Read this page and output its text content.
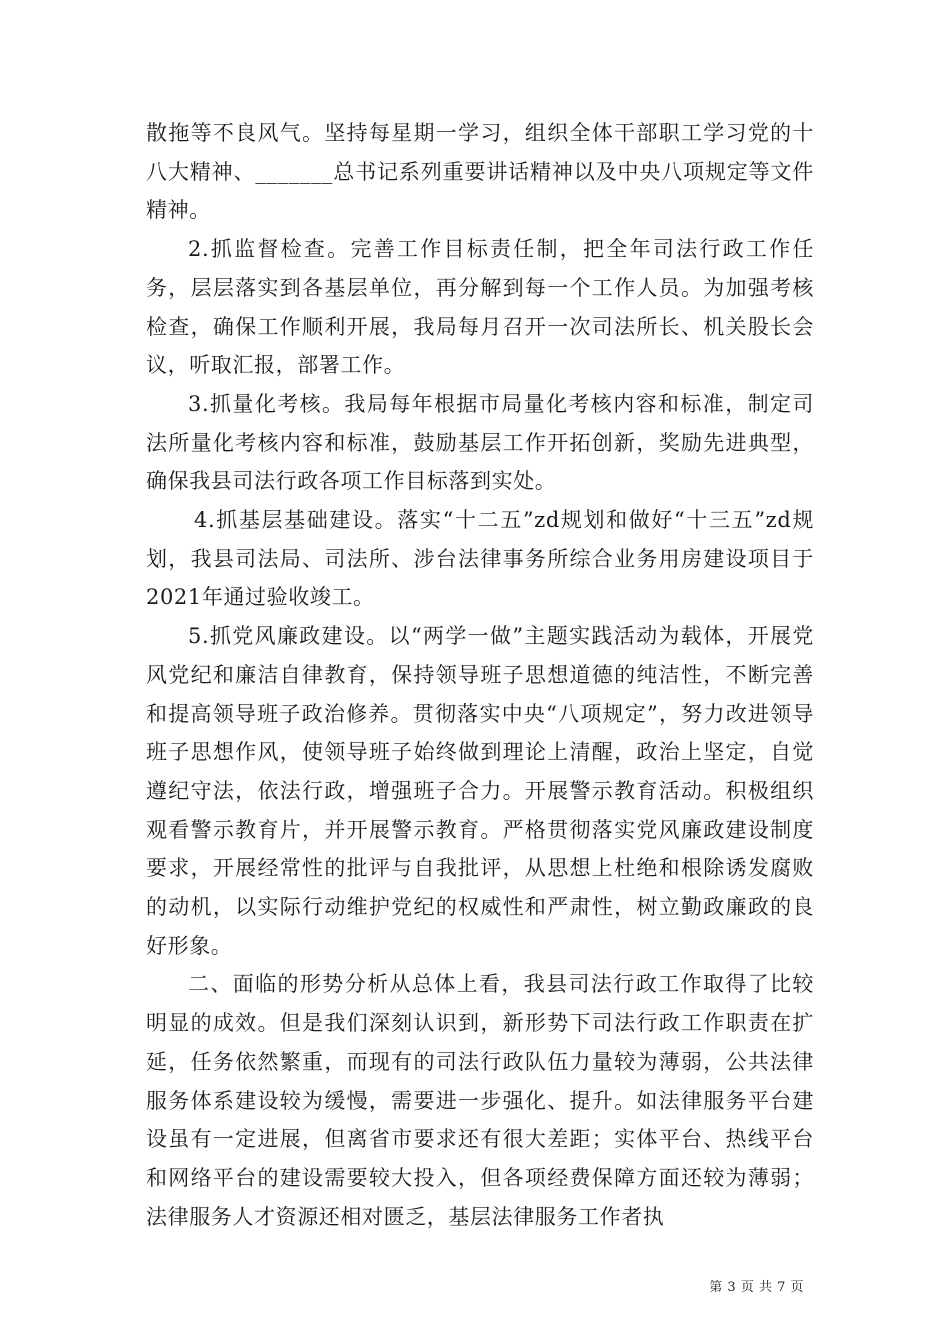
散拖等不良风气。坚持每星期一学习，组织全体干部职工学习党的十八大精神、_______总书记系列重要讲话精神以及中央八项规定等文件精神。

2.抓监督检查。完善工作目标责任制，把全年司法行政工作任务，层层落实到各基层单位，再分解到每一个工作人员。为加强考核检查，确保工作顺利开展，我局每月召开一次司法所长、机关股长会议，听取汇报，部署工作。

3.抓量化考核。我局每年根据市局量化考核内容和标准，制定司法所量化考核内容和标准，鼓励基层工作开拓创新，奖励先进典型，确保我县司法行政各项工作目标落到实处。

4.抓基层基础建设。落实“十二五”zd规划和做好“十三五”zd规划，我县司法局、司法所、涉台法律事务所综合业务用房建设项目于2021年通过验收竣工。

5.抓党风廉政建设。以“两学一做”主题实践活动为载体，开展党风党纪和廉洁自律教育，保持领导班子思想道德的纯洁性，不断完善和提高领导班子政治修养。贯彻落实中央“八项规定”，努力改进领导班子思想作风，使领导班子始终做到理论上清醒，政治上坚定，自觉遵纪守法，依法行政，增强班子合力。开展警示教育活动。积极组织观看警示教育片，并开展警示教育。严格贯彻落实党风廉政建设制度要求，开展经常性的批评与自我批评，从思想上杜绝和根除诱发腐败的动机，以实际行动维护党纪的权威性和严肃性，树立勤政廉政的良好形象。

二、面临的形势分析从总体上看，我县司法行政工作取得了比较明显的成效。但是我们深刻认识到，新形势下司法行政工作职责在扩延，任务依然繁重，而现有的司法行政队伍力量较为薄弱，公共法律服务体系建设较为缓慢，需要进一步强化、提升。如法律服务平台建设虽有一定进展，但离省市要求还有很大差距；实体平台、热线平台和网络平台的建设需要较大投入，但各项经费保障方面还较为薄弱；法律服务人才资源还相对匮乏，基层法律服务工作者执

第 3 页 共 7 页
